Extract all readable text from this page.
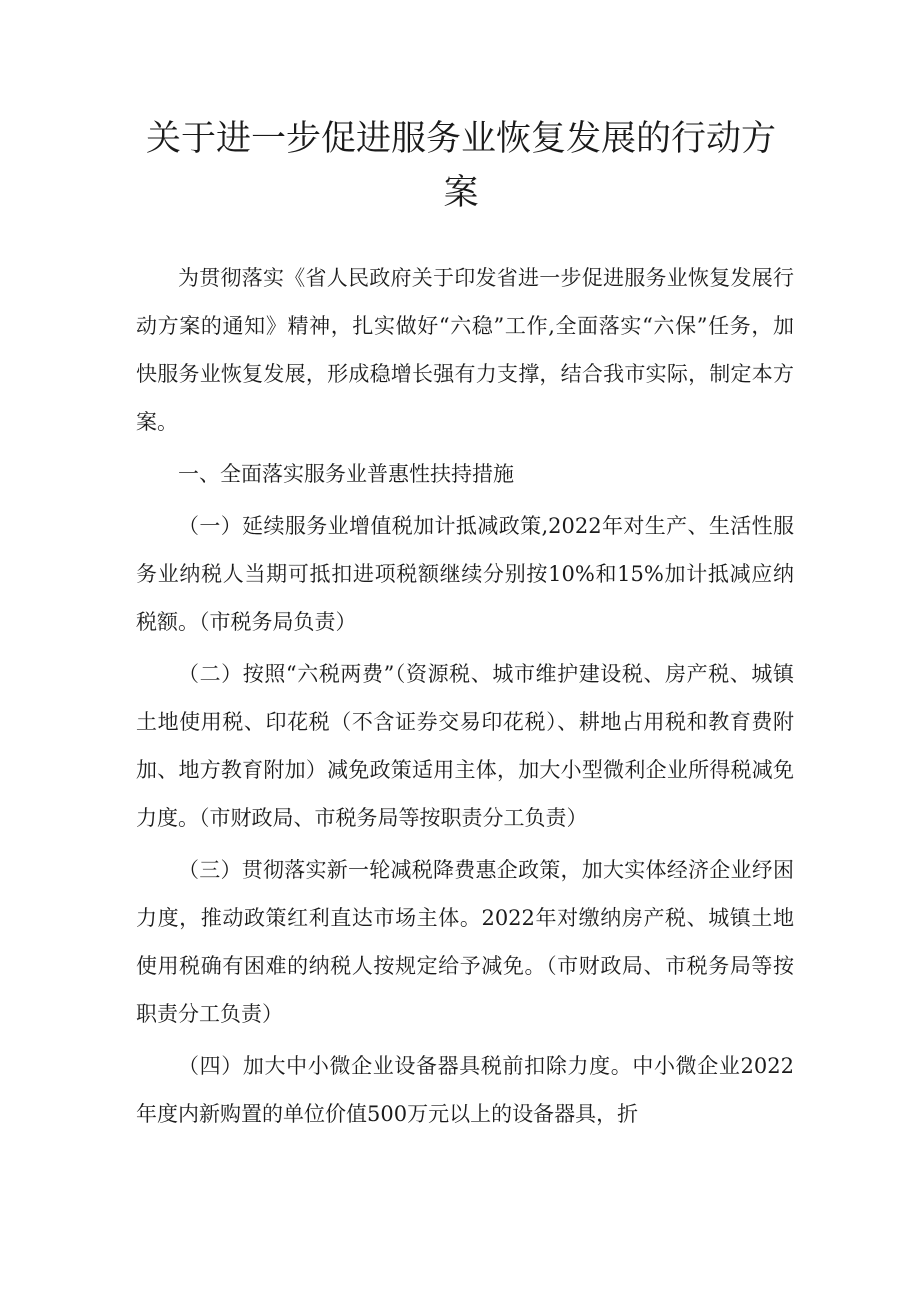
关于进一步促进服务业恢复发展的行动方案

为贯彻落实《省人民政府关于印发省进一步促进服务业恢复发展行动方案的通知》精神，扎实做好“六稳”工作,全面落实“六保”任务，加快服务业恢复发展，形成稳增长强有力支撑，结合我市实际，制定本方案。

一、全面落实服务业普惠性扶持措施

（一）延续服务业增值税加计抵减政策,2022年对生产、生活性服务业纳税人当期可抵扣进项税额继续分别按10%和15%加计抵减应纳税额。（市税务局负责）

（二）按照“六税两费”（资源税、城市维护建设税、房产税、城镇土地使用税、印花税（不含证券交易印花税）、耕地占用税和教育费附加、地方教育附加）减免政策适用主体，加大小型微利企业所得税减免力度。（市财政局、市税务局等按职责分工负责）

（三）贯彻落实新一轮减税降费惠企政策，加大实体经济企业纾困力度，推动政策红利直达市场主体。2022年对缴纳房产税、城镇土地使用税确有困难的纳税人按规定给予减免。（市财政局、市税务局等按职责分工负责）

（四）加大中小微企业设备器具税前扣除力度。中小微企业2022年度内新购置的单位价值500万元以上的设备器具，折
